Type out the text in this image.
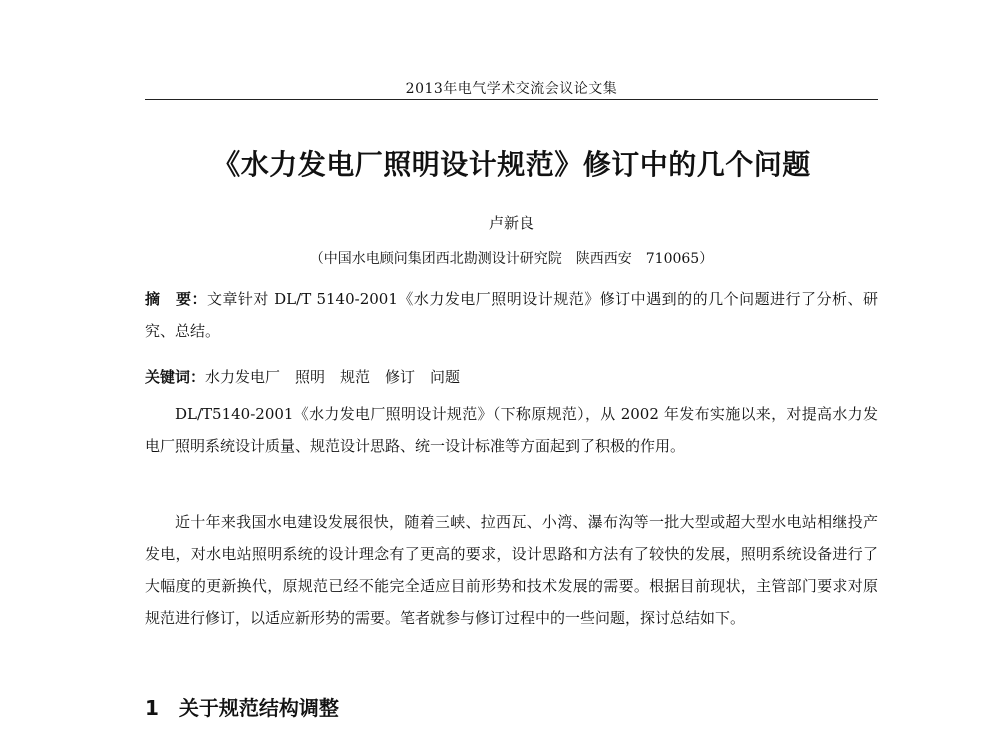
2013年电气学术交流会议论文集
《水力发电厂照明设计规范》修订中的几个问题
卢新良
（中国水电顾问集团西北勘测设计研究院　陕西西安　710065）

摘　要：文章针对 DL/T 5140-2001《水力发电厂照明设计规范》修订中遇到的的几个问题进行了分析、研究、总结。

关键词：水力发电厂　照明　规范　修订　问题

DL/T5140-2001《水力发电厂照明设计规范》（下称原规范），从 2002 年发布实施以来，对提高水力发电厂照明系统设计质量、规范设计思路、统一设计标准等方面起到了积极的作用。

近十年来我国水电建设发展很快，随着三峡、拉西瓦、小湾、瀑布沟等一批大型或超大型水电站相继投产发电，对水电站照明系统的设计理念有了更高的要求，设计思路和方法有了较快的发展，照明系统设备进行了大幅度的更新换代，原规范已经不能完全适应目前形势和技术发展的需要。根据目前现状，主管部门要求对原规范进行修订，以适应新形势的需要。笔者就参与修订过程中的一些问题，探讨总结如下。

1　关于规范结构调整
